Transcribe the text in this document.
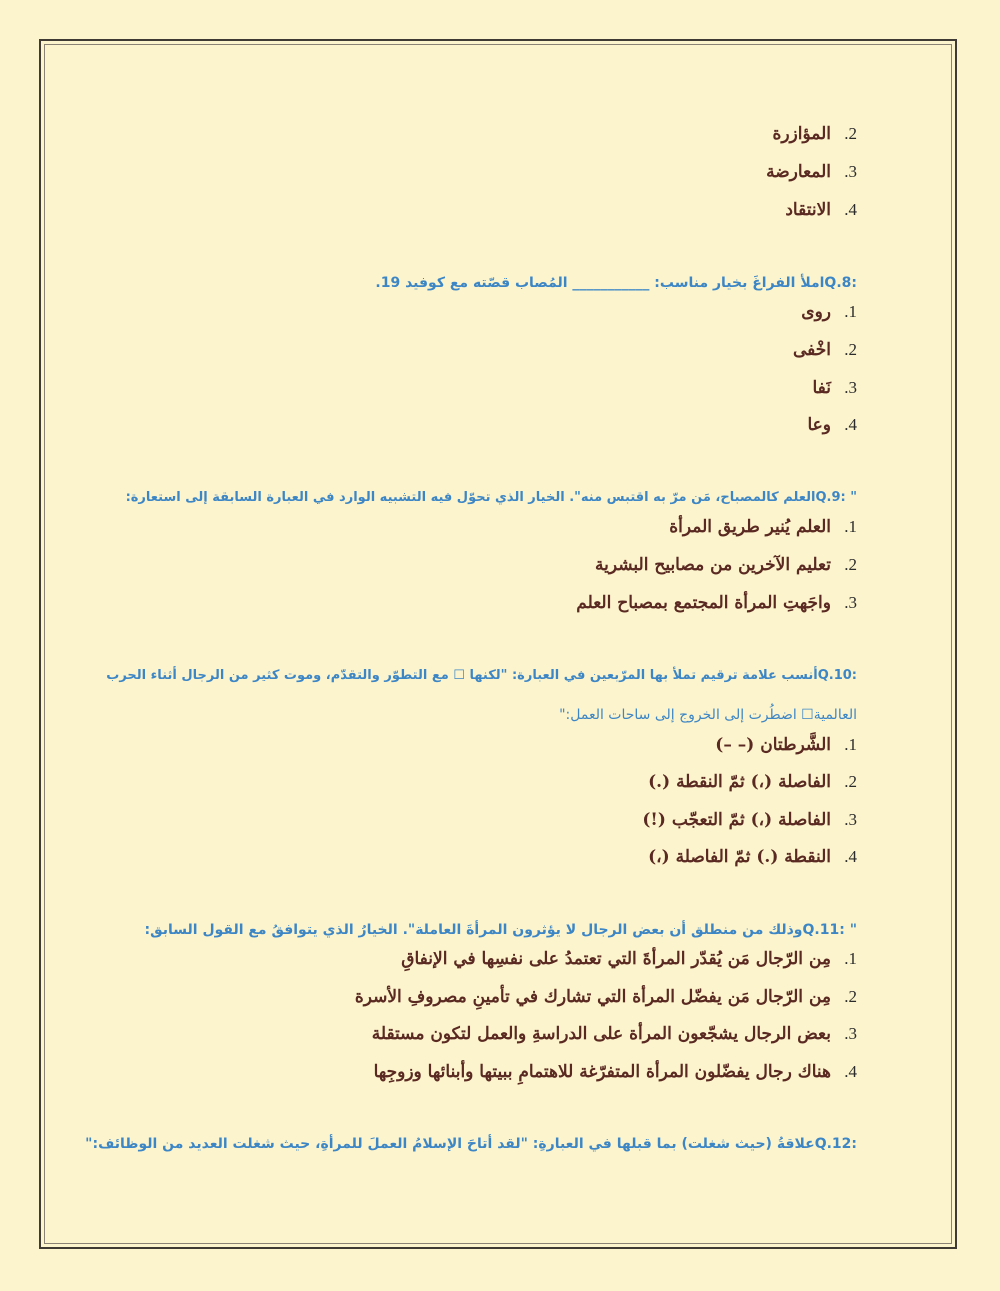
2.المؤازرة
3.المعارضة
4.الانتقاد
:Q.8املأ الفراغَ بخيار مناسب: ___________ المُصاب قصّته مع كوفيد 19.
1.روى
2.اخْفى
3.نَفا
4.وعا
" :Q.9العلم كالمصباح، مَن مرّ به اقتبس منه". الخيار الذي تحوّل فيه التشبيه الوارد في العبارة السابقة إلى استعارة:
1.العلم يُنير طريق المرأة
2.تعليم الآخرين من مصابيح البشرية
3.واجَهتِ المرأة المجتمع بمصباح العلم
:Q.10أنسب علامة ترقيم تملأ بها المرّبعين في العبارة: "لكنها ☐ مع التطوّر والتقدّم، وموت كثير من الرجال أثناء الحرب
العالمية☐ اضطُرت إلى الخروج إلى ساحات العمل:"
1.الشَّرطتان (– –)
2.الفاصلة (،) ثمّ النقطة (.)
3.الفاصلة (،) ثمّ التعجّب (!)
4.النقطة (.) ثمّ الفاصلة (،)
" :Q.11وذلك من منطلق أن بعض الرجال لا يؤثرون المرأةَ العاملة". الخيارُ الذي يتوافقُ مع القول السابق:
1.مِن الرّجال مَن يُقدّر المرأةَ التي تعتمدُ على نفسِها في الإنفاقِ
2.مِن الرّجال مَن يفضّل المرأة التي تشارك في تأمينِ مصروفِ الأسرة
3.بعض الرجال يشجّعون المرأة على الدراسةِ والعمل لتكون مستقلة
4.هناك رجال يفضّلون المرأة المتفرّغة للاهتمامِ ببيتها وأبنائها وزوجِها
:Q.12علاقةُ (حيث شغلت) بما قبلها في العبارةِ: "لقد أتاحَ الإسلامُ العملَ للمرأةِ، حيث شغلت العديد من الوظائف:"
